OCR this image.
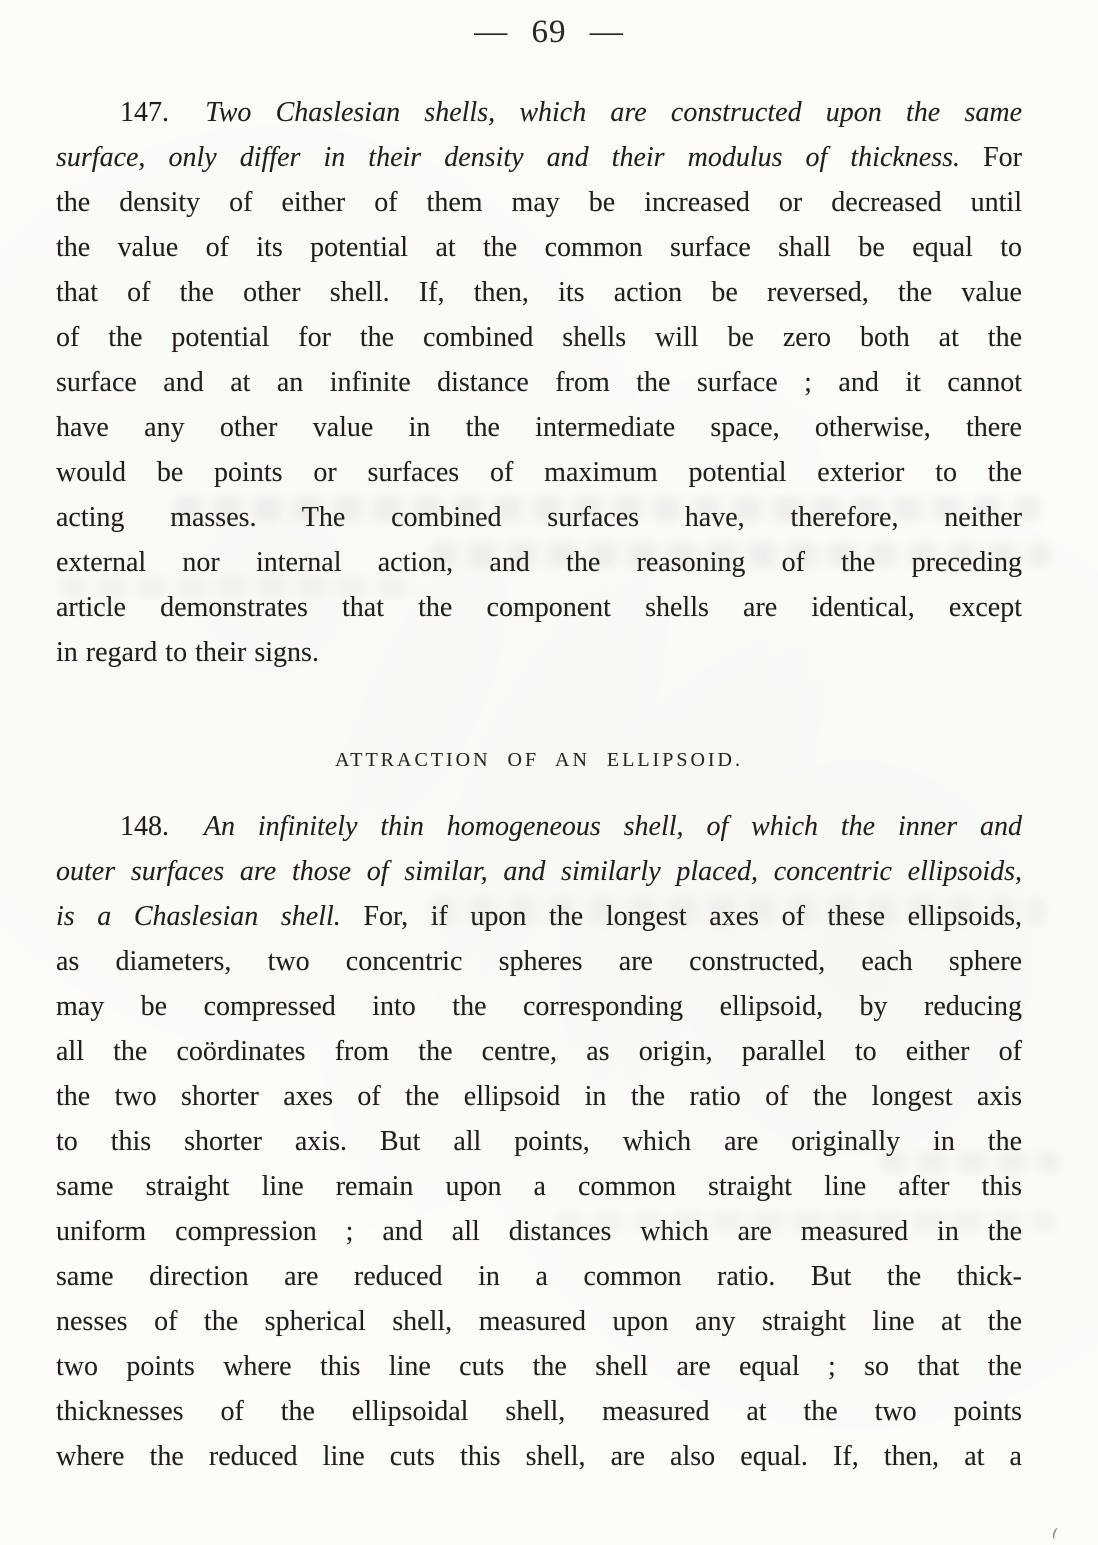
— 69 —
147. Two Chaslesian shells, which are constructed upon the same
surface, only differ in their density and their modulus of thickness. For
the density of either of them may be increased or decreased until
the value of its potential at the common surface shall be equal to
that of the other shell. If, then, its action be reversed, the value
of the potential for the combined shells will be zero both at the
surface and at an infinite distance from the surface ; and it cannot
have any other value in the intermediate space, otherwise, there
would be points or surfaces of maximum potential exterior to the
acting masses. The combined surfaces have, therefore, neither
external nor internal action, and the reasoning of the preceding
article demonstrates that the component shells are identical, except
in regard to their signs.
ATTRACTION OF AN ELLIPSOID.
148. An infinitely thin homogeneous shell, of which the inner and
outer surfaces are those of similar, and similarly placed, concentric ellipsoids,
is a Chaslesian shell. For, if upon the longest axes of these ellipsoids,
as diameters, two concentric spheres are constructed, each sphere
may be compressed into the corresponding ellipsoid, by reducing
all the coördinates from the centre, as origin, parallel to either of
the two shorter axes of the ellipsoid in the ratio of the longest axis
to this shorter axis. But all points, which are originally in the
same straight line remain upon a common straight line after this
uniform compression ; and all distances which are measured in the
same direction are reduced in a common ratio. But the thick-
nesses of the spherical shell, measured upon any straight line at the
two points where this line cuts the shell are equal ; so that the
thicknesses of the ellipsoidal shell, measured at the two points
where the reduced line cuts this shell, are also equal. If, then, at a
